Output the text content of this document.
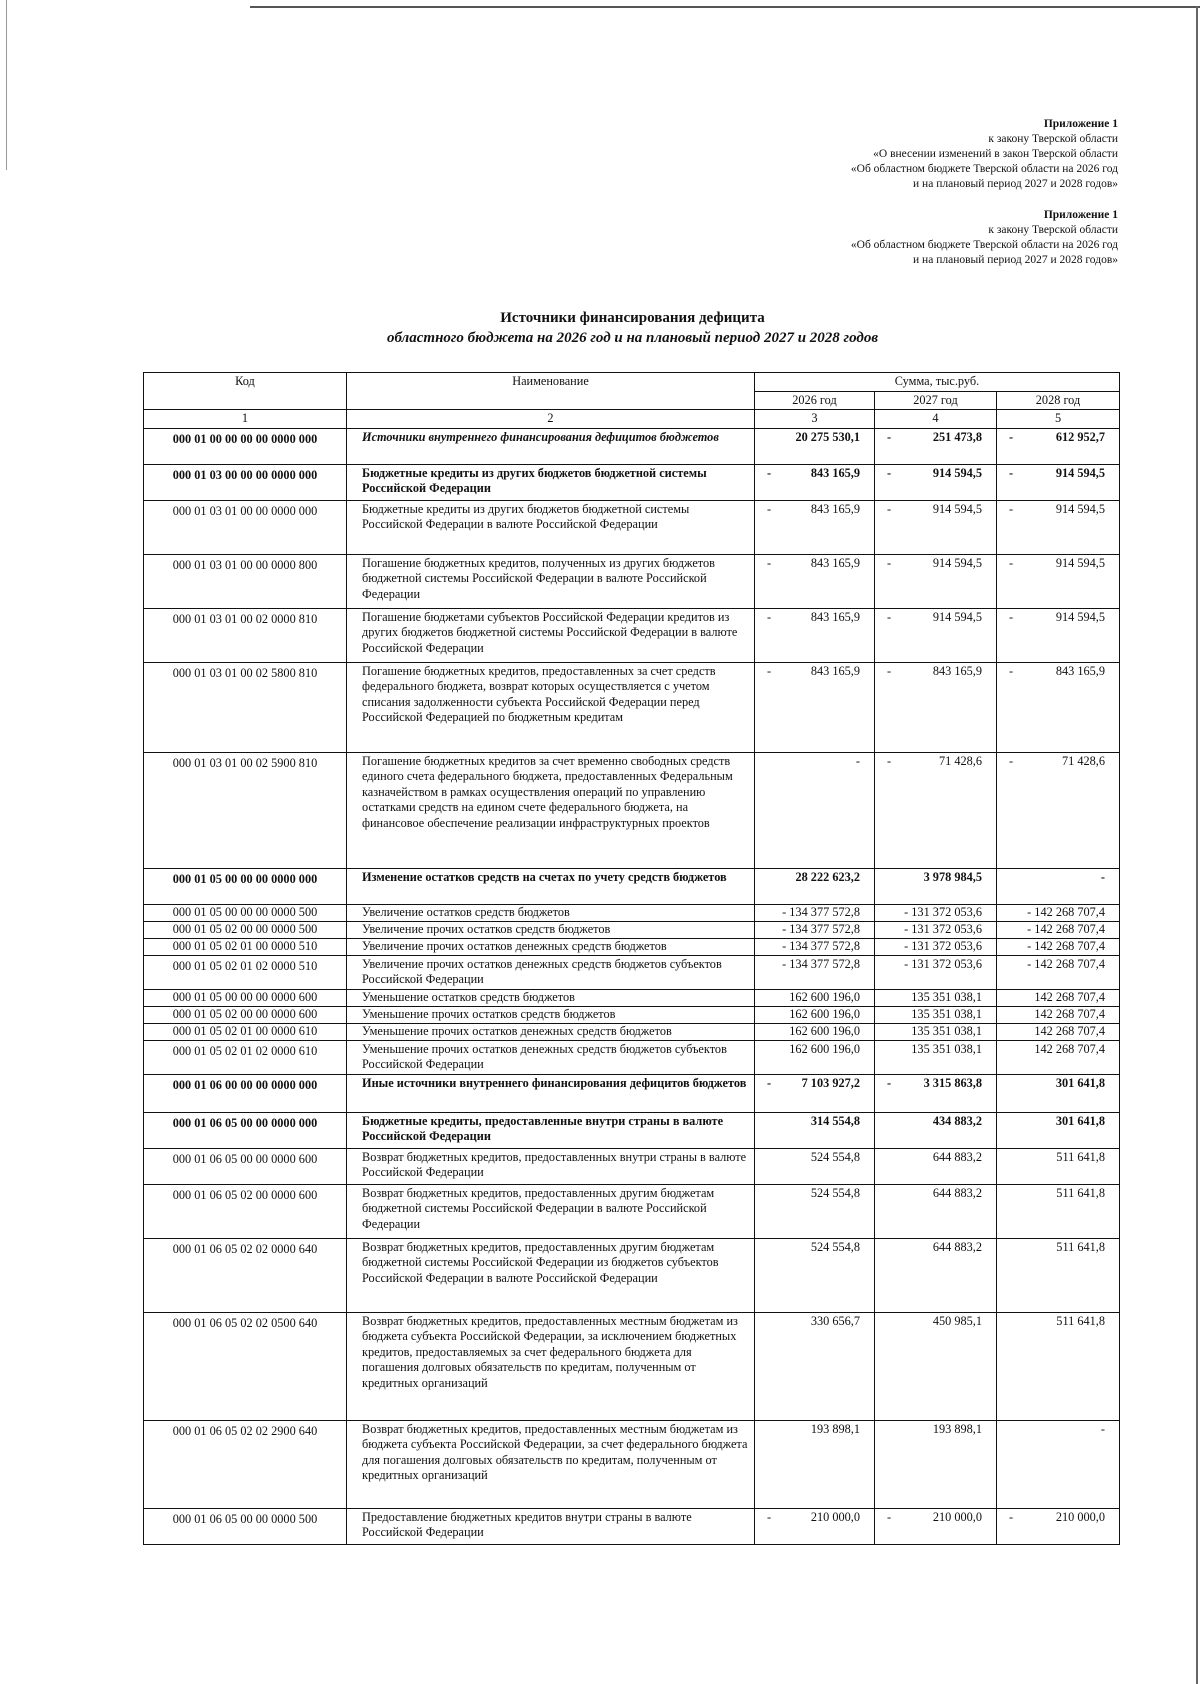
Приложение 1
к закону Тверской области
«О внесении изменений в закон Тверской области
«Об областном бюджете Тверской области на 2026 год
и на плановый период 2027 и 2028 годов»
Приложение 1
к закону Тверской области
«Об областном бюджете Тверской области на 2026 год
и на плановый период 2027 и 2028 годов»
Источники финансирования дефицита
областного бюджета на 2026 год и на плановый период 2027 и 2028 годов
Код	Наименование	Сумма, тыс.руб.		
		2026 год	2027 год	2028 год
1	2	3	4	5
000 01 00 00 00 00 0000 000	Источники внутреннего финансирования дефицитов бюджетов	20 275 530,1	- 251 473,8	- 612 952,7
000 01 03 00 00 00 0000 000	Бюджетные кредиты из других бюджетов бюджетной системы Российской Федерации	- 843 165,9	- 914 594,5	- 914 594,5
000 01 03 01 00 00 0000 000	Бюджетные кредиты из других бюджетов бюджетной системы Российской Федерации в валюте Российской Федерации	- 843 165,9	- 914 594,5	- 914 594,5
000 01 03 01 00 00 0000 800	Погашение бюджетных кредитов, полученных из других бюджетов бюджетной системы Российской Федерации в валюте Российской Федерации	- 843 165,9	- 914 594,5	- 914 594,5
000 01 03 01 00 02 0000 810	Погашение бюджетами субъектов Российской Федерации кредитов из других бюджетов бюджетной системы Российской Федерации в валюте Российской Федерации	- 843 165,9	- 914 594,5	- 914 594,5
000 01 03 01 00 02 5800 810	Погашение бюджетных кредитов, предоставленных за счет средств федерального бюджета, возврат которых осуществляется с учетом списания задолженности субъекта Российской Федерации перед Российской Федерацией по бюджетным кредитам	- 843 165,9	- 843 165,9	- 843 165,9
000 01 03 01 00 02 5900 810	Погашение бюджетных кредитов за счет временно свободных средств единого счета федерального бюджета, предоставленных Федеральным казначейством в рамках осуществления операций по управлению остатками средств на едином счете федерального бюджета, на финансовое обеспечение реализации инфраструктурных проектов	-	- 71 428,6	- 71 428,6
000 01 05 00 00 00 0000 000	Изменение остатков средств на счетах по учету средств бюджетов	28 222 623,2	3 978 984,5	-
000 01 05 00 00 00 0000 500	Увеличение остатков средств бюджетов	- 134 377 572,8	- 131 372 053,6	- 142 268 707,4
000 01 05 02 00 00 0000 500	Увеличение прочих остатков средств бюджетов	- 134 377 572,8	- 131 372 053,6	- 142 268 707,4
000 01 05 02 01 00 0000 510	Увеличение прочих остатков денежных средств бюджетов	- 134 377 572,8	- 131 372 053,6	- 142 268 707,4
000 01 05 02 01 02 0000 510	Увеличение прочих остатков денежных средств бюджетов субъектов Российской Федерации	- 134 377 572,8	- 131 372 053,6	- 142 268 707,4
000 01 05 00 00 00 0000 600	Уменьшение остатков средств бюджетов	162 600 196,0	135 351 038,1	142 268 707,4
000 01 05 02 00 00 0000 600	Уменьшение прочих остатков средств бюджетов	162 600 196,0	135 351 038,1	142 268 707,4
000 01 05 02 01 00 0000 610	Уменьшение прочих остатков денежных средств бюджетов	162 600 196,0	135 351 038,1	142 268 707,4
000 01 05 02 01 02 0000 610	Уменьшение прочих остатков денежных средств бюджетов субъектов Российской Федерации	162 600 196,0	135 351 038,1	142 268 707,4
000 01 06 00 00 00 0000 000	Иные источники внутреннего финансирования дефицитов бюджетов	- 7 103 927,2	- 3 315 863,8	301 641,8
000 01 06 05 00 00 0000 000	Бюджетные кредиты, предоставленные внутри страны в валюте Российской Федерации	314 554,8	434 883,2	301 641,8
000 01 06 05 00 00 0000 600	Возврат бюджетных кредитов, предоставленных внутри страны в валюте Российской Федерации	524 554,8	644 883,2	511 641,8
000 01 06 05 02 00 0000 600	Возврат бюджетных кредитов, предоставленных другим бюджетам бюджетной системы Российской Федерации в валюте Российской Федерации	524 554,8	644 883,2	511 641,8
000 01 06 05 02 02 0000 640	Возврат бюджетных кредитов, предоставленных другим бюджетам бюджетной системы Российской Федерации из бюджетов субъектов Российской Федерации в валюте Российской Федерации	524 554,8	644 883,2	511 641,8
000 01 06 05 02 02 0500 640	Возврат бюджетных кредитов, предоставленных местным бюджетам из бюджета субъекта Российской Федерации, за исключением бюджетных кредитов, предоставляемых за счет федерального бюджета для погашения долговых обязательств по кредитам, полученным от кредитных организаций	330 656,7	450 985,1	511 641,8
000 01 06 05 02 02 2900 640	Возврат бюджетных кредитов, предоставленных местным бюджетам из бюджета субъекта Российской Федерации, за счет федерального бюджета для погашения долговых обязательств по кредитам, полученным от кредитных организаций	193 898,1	193 898,1	-
000 01 06 05 00 00 0000 500	Предоставление бюджетных кредитов внутри страны в валюте Российской Федерации	- 210 000,0	- 210 000,0	- 210 000,0
